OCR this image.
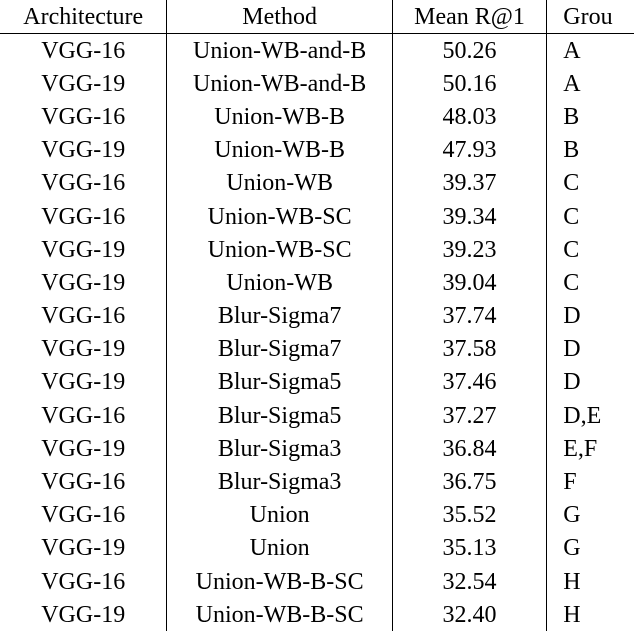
Architecture	Method	Mean R@1	Grou
VGG-16	Union-WB-and-B	50.26	A
VGG-19	Union-WB-and-B	50.16	A
VGG-16	Union-WB-B	48.03	B
VGG-19	Union-WB-B	47.93	B
VGG-16	Union-WB	39.37	C
VGG-16	Union-WB-SC	39.34	C
VGG-19	Union-WB-SC	39.23	C
VGG-19	Union-WB	39.04	C
VGG-16	Blur-Sigma7	37.74	D
VGG-19	Blur-Sigma7	37.58	D
VGG-19	Blur-Sigma5	37.46	D
VGG-16	Blur-Sigma5	37.27	D,E
VGG-19	Blur-Sigma3	36.84	E,F
VGG-16	Blur-Sigma3	36.75	F
VGG-16	Union	35.52	G
VGG-19	Union	35.13	G
VGG-16	Union-WB-B-SC	32.54	H
VGG-19	Union-WB-B-SC	32.40	H
